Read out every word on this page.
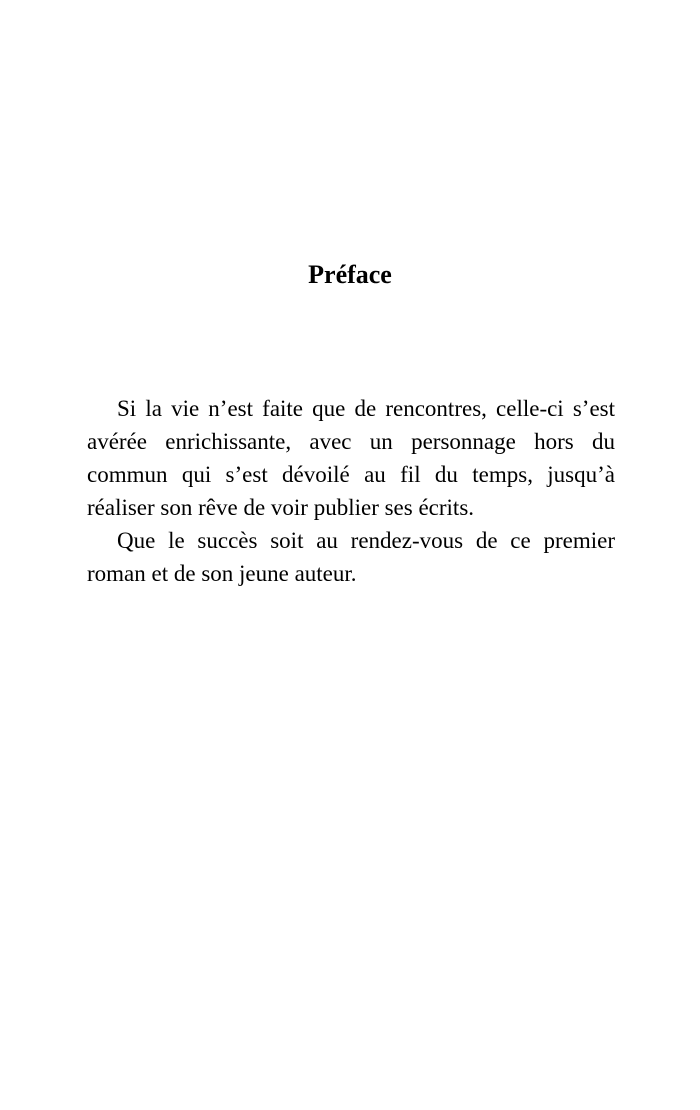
Préface

Si la vie n’est faite que de rencontres, celle-ci s’est avérée enrichissante, avec un personnage hors du commun qui s’est dévoilé au fil du temps, jusqu’à réaliser son rêve de voir publier ses écrits.

Que le succès soit au rendez-vous de ce premier roman et de son jeune auteur.
